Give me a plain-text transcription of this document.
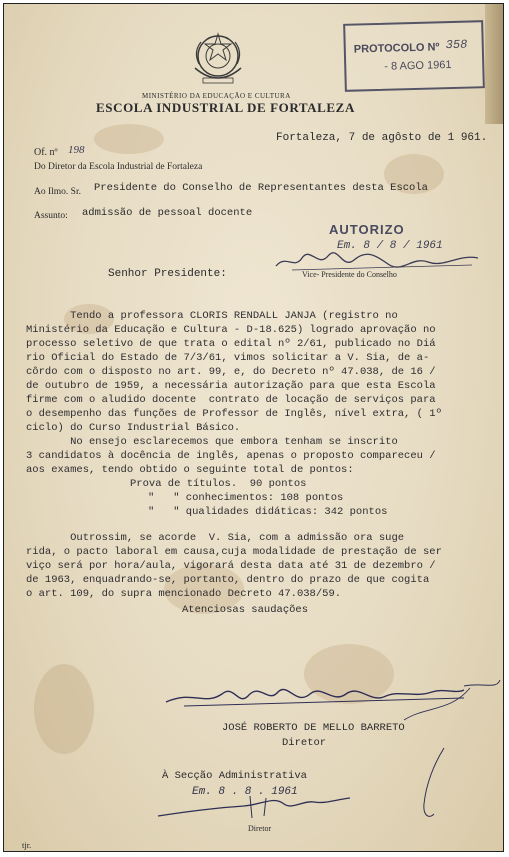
MINISTÉRIO DA EDUCAÇÃO E CULTURA
ESCOLA INDUSTRIAL DE FORTALEZA
PROTOCOLO Nº 358
- 8 AGO 1961
Fortaleza, 7 de agôsto de 1 961.
Of. nº 198
Do Diretor da Escola Industrial de Fortaleza
Ao Ilmo. Sr. Presidente do Conselho de Representantes desta Escola
Assunto: admissão de pessoal docente
AUTORIZO
Em. 8 / 8 / 1961
Vice- Presidente do Conselho
Senhor Presidente:
Tendo a professora CLORIS RENDALL JANJA (registro no
Ministério da Educação e Cultura - D-18.625) logrado aprovação no
processo seletivo de que trata o edital nº 2/61, publicado no Diá
rio Oficial do Estado de 7/3/61, vimos solicitar a V. Sia, de a-
côrdo com o disposto no art. 99, e, do Decreto nº 47.038, de 16 /
de outubro de 1959, a necessária autorização para que esta Escola
firme com o aludido docente  contrato de locação de serviços para
o desempenho das funções de Professor de Inglês, nível extra, ( 1º
ciclo) do Curso Industrial Básico.
No ensejo esclarecemos que embora tenham se inscrito
3 candidatos à docência de inglês, apenas o proposto compareceu /
aos exames, tendo obtido o seguinte total de pontos:
Prova de títulos.  90 pontos
"   " conhecimentos: 108 pontos
"   " qualidades didáticas: 342 pontos
Outrossim, se acorde  V. Sia, com a admissão ora suge
rida, o pacto laboral em causa,cuja modalidade de prestação de ser
viço será por hora/aula, vigorará desta data até 31 de dezembro /
de 1963, enquadrando-se, portanto, dentro do prazo de que cogita
o art. 109, do supra mencionado Decreto 47.038/59.
Atenciosas saudações
JOSÉ ROBERTO DE MELLO BARRETO
Diretor
À Secção Administrativa
Em. 8 . 8 . 1961
Diretor
tjr.
